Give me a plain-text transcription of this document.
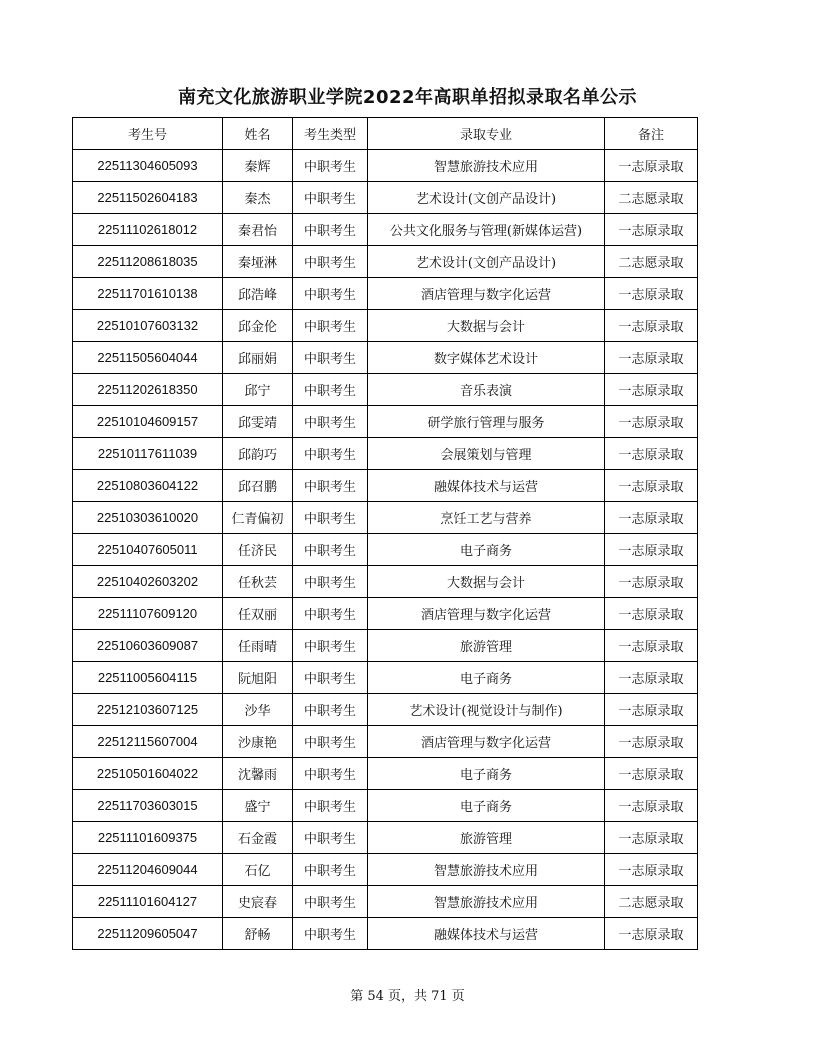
南充文化旅游职业学院2022年高职单招拟录取名单公示
考生号	姓名	考生类型	录取专业	备注
22511304605093	秦辉	中职考生	智慧旅游技术应用	一志原录取
22511502604183	秦杰	中职考生	艺术设计(文创产品设计)	二志愿录取
22511102618012	秦君怡	中职考生	公共文化服务与管理(新媒体运营)	一志原录取
22511208618035	秦垭淋	中职考生	艺术设计(文创产品设计)	二志愿录取
22511701610138	邱浩峰	中职考生	酒店管理与数字化运营	一志原录取
22510107603132	邱金伦	中职考生	大数据与会计	一志原录取
22511505604044	邱丽娟	中职考生	数字媒体艺术设计	一志原录取
22511202618350	邱宁	中职考生	音乐表演	一志原录取
22510104609157	邱雯靖	中职考生	研学旅行管理与服务	一志原录取
22510117611039	邱韵巧	中职考生	会展策划与管理	一志原录取
22510803604122	邱召鹏	中职考生	融媒体技术与运营	一志原录取
22510303610020	仁青偏初	中职考生	烹饪工艺与营养	一志原录取
22510407605011	任济民	中职考生	电子商务	一志原录取
22510402603202	任秋芸	中职考生	大数据与会计	一志原录取
22511107609120	任双丽	中职考生	酒店管理与数字化运营	一志原录取
22510603609087	任雨晴	中职考生	旅游管理	一志原录取
22511005604115	阮旭阳	中职考生	电子商务	一志原录取
22512103607125	沙华	中职考生	艺术设计(视觉设计与制作)	一志原录取
22512115607004	沙康艳	中职考生	酒店管理与数字化运营	一志原录取
22510501604022	沈馨雨	中职考生	电子商务	一志原录取
22511703603015	盛宁	中职考生	电子商务	一志原录取
22511101609375	石金霞	中职考生	旅游管理	一志原录取
22511204609044	石亿	中职考生	智慧旅游技术应用	一志原录取
22511101604127	史宸春	中职考生	智慧旅游技术应用	二志愿录取
22511209605047	舒畅	中职考生	融媒体技术与运营	一志原录取
第 54 页，共 71 页
